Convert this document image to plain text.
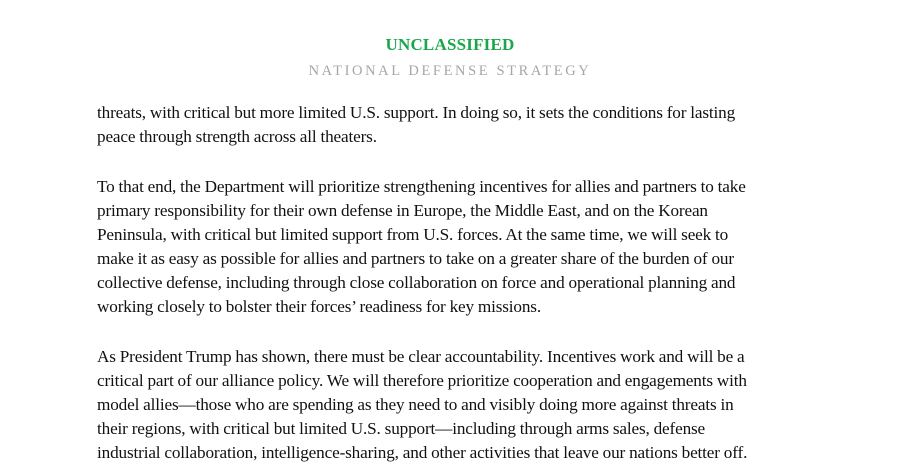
UNCLASSIFIED
NATIONAL DEFENSE STRATEGY

threats, with critical but more limited U.S. support. In doing so, it sets the conditions for lasting
peace through strength across all theaters.

To that end, the Department will prioritize strengthening incentives for allies and partners to take
primary responsibility for their own defense in Europe, the Middle East, and on the Korean
Peninsula, with critical but limited support from U.S. forces. At the same time, we will seek to
make it as easy as possible for allies and partners to take on a greater share of the burden of our
collective defense, including through close collaboration on force and operational planning and
working closely to bolster their forces’ readiness for key missions.

As President Trump has shown, there must be clear accountability. Incentives work and will be a
critical part of our alliance policy. We will therefore prioritize cooperation and engagements with
model allies—those who are spending as they need to and visibly doing more against threats in
their regions, with critical but limited U.S. support—including through arms sales, defense
industrial collaboration, intelligence-sharing, and other activities that leave our nations better off.
